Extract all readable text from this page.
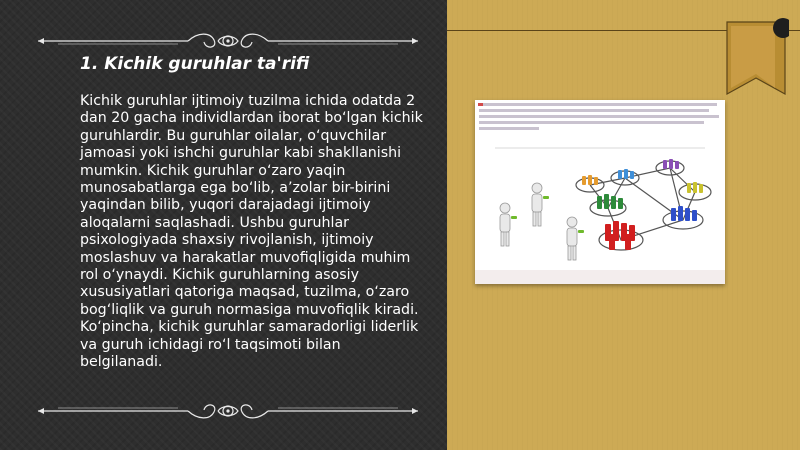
1. Kichik guruhlar ta'rifi

Kichik guruhlar ijtimoiy tuzilma ichida odatda 2 dan 20 gacha individlardan iborat bo‘lgan kichik guruhlardir. Bu guruhlar oilalar, o‘quvchilar jamoasi yoki ishchi guruhlar kabi shakllanishi mumkin. Kichik guruhlar o‘zaro yaqin munosabatlarga ega bo‘lib, a’zolar bir-birini yaqindan bilib, yuqori darajadagi ijtimoiy aloqalarni saqlashadi. Ushbu guruhlar psixologiyada shaxsiy rivojlanish, ijtimoiy moslashuv va harakatlar muvofiqligida muhim rol o‘ynaydi. Kichik guruhlarning asosiy xususiyatlari qatoriga maqsad, tuzilma, o‘zaro bog‘liqlik va guruh normasiga muvofiqlik kiradi. Ko‘pincha, kichik guruhlar samaradorligi liderlik va guruh ichidagi ro‘l taqsimoti bilan belgilanadi.
